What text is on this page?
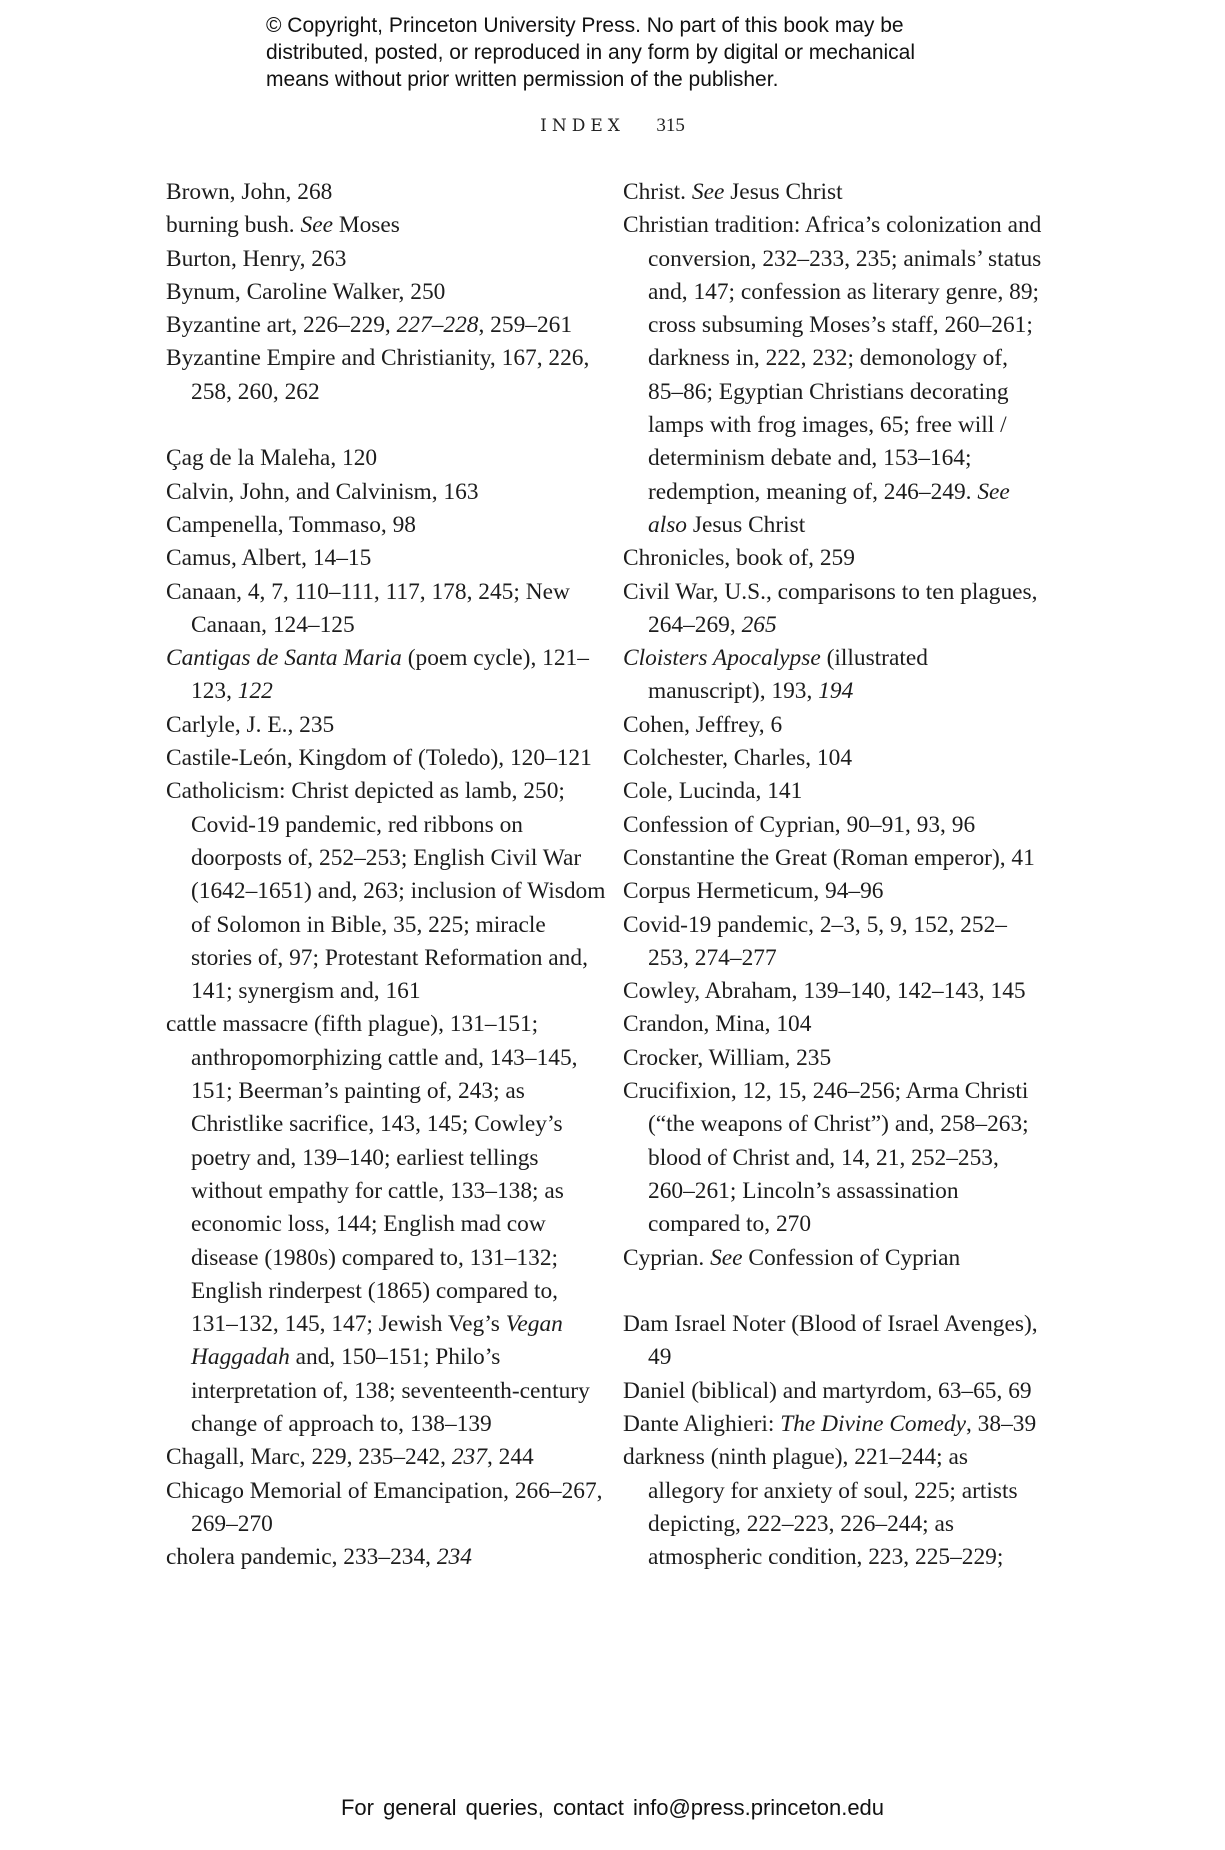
© Copyright, Princeton University Press. No part of this book may be
distributed, posted, or reproduced in any form by digital or mechanical
means without prior written permission of the publisher.
INDEX 315
Brown, John, 268
burning bush. See Moses
Burton, Henry, 263
Bynum, Caroline Walker, 250
Byzantine art, 226–229, 227–228, 259–261
Byzantine Empire and Christianity, 167, 226, 258, 260, 262
Çag de la Maleha, 120
Calvin, John, and Calvinism, 163
Campenella, Tommaso, 98
Camus, Albert, 14–15
Canaan, 4, 7, 110–111, 117, 178, 245; New Canaan, 124–125
Cantigas de Santa Maria (poem cycle), 121–123, 122
Carlyle, J. E., 235
Castile-León, Kingdom of (Toledo), 120–121
Catholicism: Christ depicted as lamb, 250; Covid-19 pandemic, red ribbons on doorposts of, 252–253; English Civil War (1642–1651) and, 263; inclusion of Wisdom of Solomon in Bible, 35, 225; miracle stories of, 97; Protestant Reformation and, 141; synergism and, 161
cattle massacre (fifth plague), 131–151; anthropomorphizing cattle and, 143–145, 151; Beerman’s painting of, 243; as Christlike sacrifice, 143, 145; Cowley’s poetry and, 139–140; earliest tellings without empathy for cattle, 133–138; as economic loss, 144; English mad cow disease (1980s) compared to, 131–132; English rinderpest (1865) compared to, 131–132, 145, 147; Jewish Veg’s Vegan Haggadah and, 150–151; Philo’s interpretation of, 138; seventeenth-century change of approach to, 138–139
Chagall, Marc, 229, 235–242, 237, 244
Chicago Memorial of Emancipation, 266–267, 269–270
cholera pandemic, 233–234, 234
Christ. See Jesus Christ
Christian tradition: Africa’s colonization and conversion, 232–233, 235; animals’ status and, 147; confession as literary genre, 89; cross subsuming Moses’s staff, 260–261; darkness in, 222, 232; demonology of, 85–86; Egyptian Christians decorating lamps with frog images, 65; free will / determinism debate and, 153–164; redemption, meaning of, 246–249. See also Jesus Christ
Chronicles, book of, 259
Civil War, U.S., comparisons to ten plagues, 264–269, 265
Cloisters Apocalypse (illustrated manuscript), 193, 194
Cohen, Jeffrey, 6
Colchester, Charles, 104
Cole, Lucinda, 141
Confession of Cyprian, 90–91, 93, 96
Constantine the Great (Roman emperor), 41
Corpus Hermeticum, 94–96
Covid-19 pandemic, 2–3, 5, 9, 152, 252–253, 274–277
Cowley, Abraham, 139–140, 142–143, 145
Crandon, Mina, 104
Crocker, William, 235
Crucifixion, 12, 15, 246–256; Arma Christi (“the weapons of Christ”) and, 258–263; blood of Christ and, 14, 21, 252–253, 260–261; Lincoln’s assassination compared to, 270
Cyprian. See Confession of Cyprian
Dam Israel Noter (Blood of Israel Avenges), 49
Daniel (biblical) and martyrdom, 63–65, 69
Dante Alighieri: The Divine Comedy, 38–39
darkness (ninth plague), 221–244; as allegory for anxiety of soul, 225; artists depicting, 222–223, 226–244; as atmospheric condition, 223, 225–229;
For general queries, contact info@press.princeton.edu
